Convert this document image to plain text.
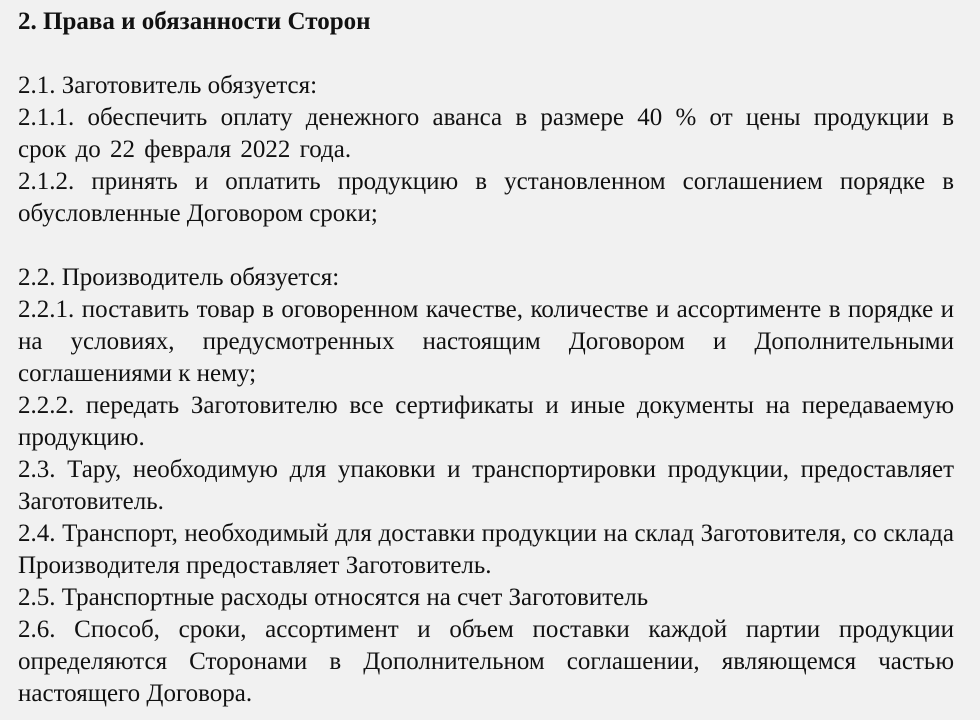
2. Права и обязанности Сторон

2.1. Заготовитель обязуется:

2.1.1. обеспечить оплату денежного аванса в размере 40 % от цены продукции в срок до 22 февраля 2022 года.

2.1.2. принять и оплатить продукцию в установленном соглашением порядке в обусловленные Договором сроки;

2.2. Производитель обязуется:

2.2.1. поставить товар в оговоренном качестве, количестве и ассортименте в порядке и на условиях, предусмотренных настоящим Договором и Дополнительными соглашениями к нему;

2.2.2. передать Заготовителю все сертификаты и иные документы на передаваемую продукцию.

2.3. Тару, необходимую для упаковки и транспортировки продукции, предоставляет Заготовитель.

2.4. Транспорт, необходимый для доставки продукции на склад Заготовителя, со склада Производителя предоставляет Заготовитель.

2.5. Транспортные расходы относятся на счет Заготовитель

2.6. Способ, сроки, ассортимент и объем поставки каждой партии продукции определяются Сторонами в Дополнительном соглашении, являющемся частью настоящего Договора.
